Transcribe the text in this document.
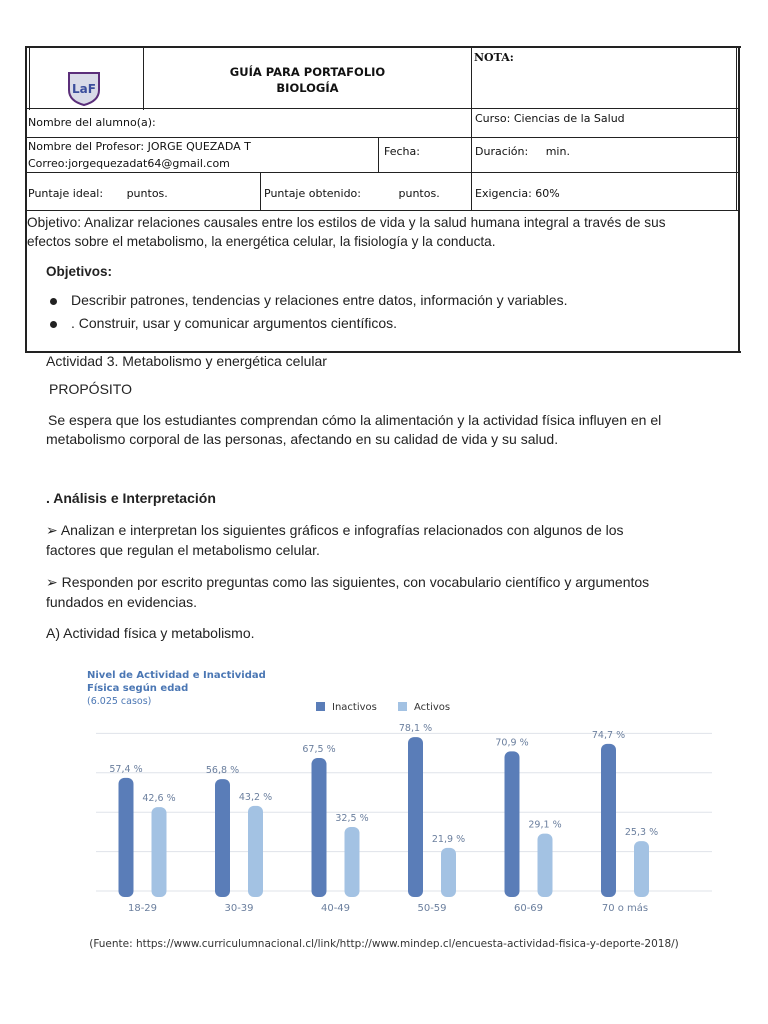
LaF
GUÍA PARA PORTAFOLIO
BIOLOGÍA
NOTA:
Nombre del alumno(a):	Curso: Ciencias de la Salud
Nombre del Profesor: JORGE QUEZADA T
Correo:jorgequezadat64@gmail.com
Fecha:	Duración: min.
Puntaje ideal: puntos.	Puntaje obtenido:	puntos.	Exigencia: 60%
Objetivo: Analizar relaciones causales entre los estilos de vida y la salud humana integral a través de sus
efectos sobre el metabolismo, la energética celular, la fisiología y la conducta.
Objetivos:
Describir patrones, tendencias y relaciones entre datos, información y variables.
. Construir, usar y comunicar argumentos científicos.
Actividad 3. Metabolismo y energética celular
PROPÓSITO
Se espera que los estudiantes comprendan cómo la alimentación y la actividad física influyen en el
metabolismo corporal de las personas, afectando en su calidad de vida y su salud.
. Análisis e Interpretación
➢ Analizan e interpretan los siguientes gráficos e infografías relacionados con algunos de los
factores que regulan el metabolismo celular.
➢ Responden por escrito preguntas como las siguientes, con vocabulario científico y argumentos
fundados en evidencias.
A) Actividad física y metabolismo.
Nivel de Actividad e Inactividad
Física según edad
(6.025 casos)
Inactivos	Activos
57,4 %
42,6 %
56,8 %
43,2 %
67,5 %
32,5 %
78,1 %
21,9 %
70,9 %
29,1 %
74,7 %
25,3 %
18-29	30-39	40-49	50-59	60-69	70 o más
(Fuente: https://www.curriculumnacional.cl/link/http://www.mindep.cl/encuesta-actividad-fisica-y-deporte-2018/)
